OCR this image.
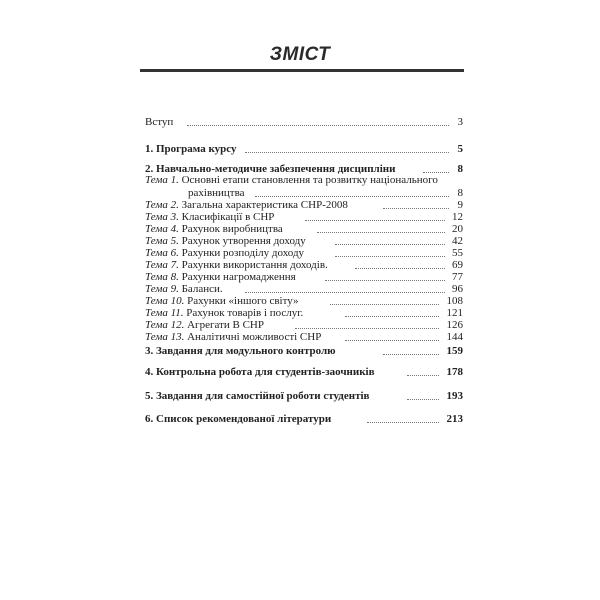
ЗМІСТ
Вступ	3
1. Програма курсу	5
2. Навчально-методичне забезпечення дисципліни	8
Тема 1. Основні етапи становлення та розвитку національного
рахівництва	8
Тема 2. Загальна характеристика СНР-2008	9
Тема 3. Класифікації в СНР	12
Тема 4. Рахунок виробництва	20
Тема 5. Рахунок утворення доходу	42
Тема 6. Рахунки розподілу доходу	55
Тема 7. Рахунки використання доходів.	69
Тема 8. Рахунки нагромадження	77
Тема 9. Баланси.	96
Тема 10. Рахунки «іншого світу»	108
Тема 11. Рахунок товарів і послуг.	121
Тема 12. Агрегати В СНР	126
Тема 13. Аналітичні можливості СНР	144
3. Завдання для модульного контролю	159
4. Контрольна робота для студентів-заочників	178
5. Завдання для самостійної роботи студентів	193
6. Список рекомендованої літератури	213
